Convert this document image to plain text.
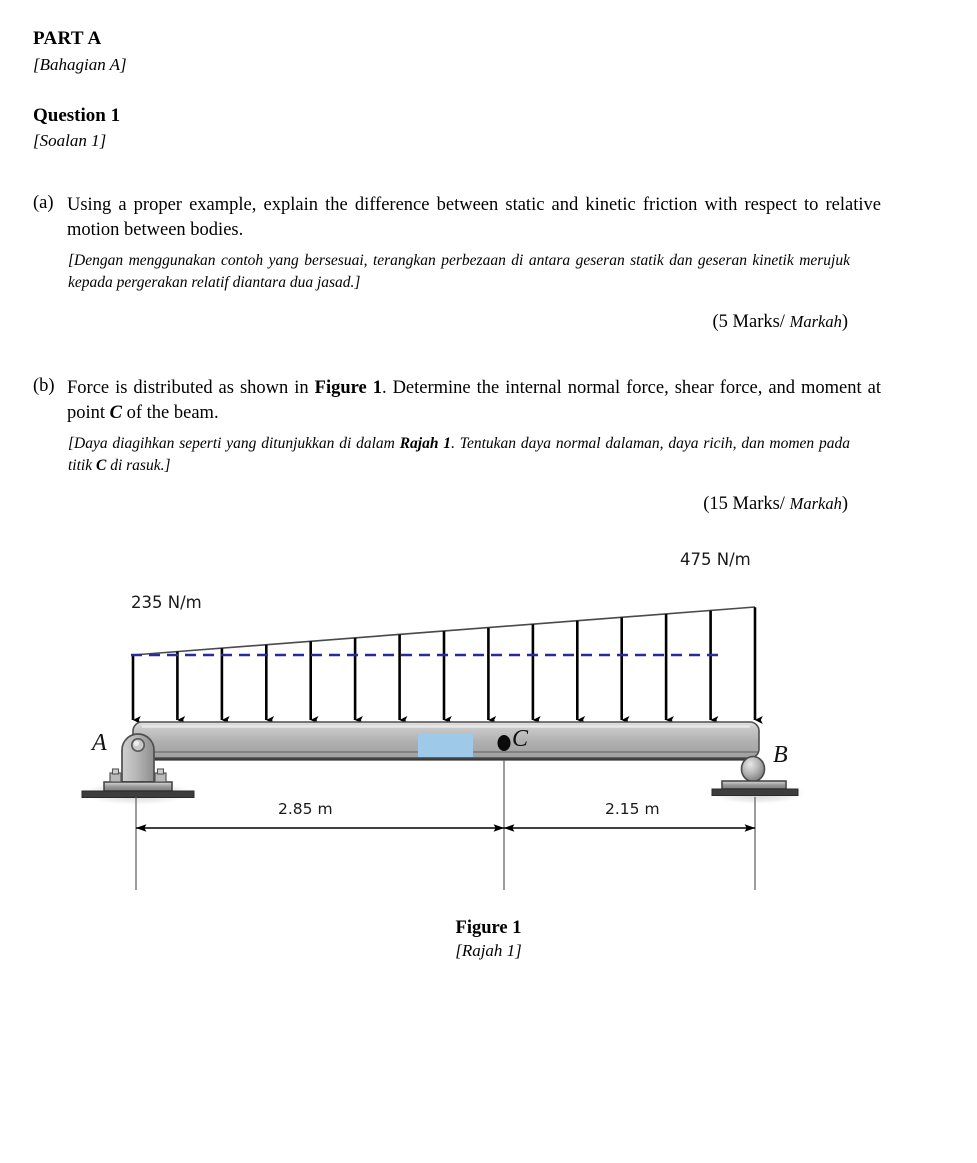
PART A
[Bahagian A]
Question 1
[Soalan 1]
(a) Using a proper example, explain the difference between static and kinetic friction with respect to relative motion between bodies.
[Dengan menggunakan contoh yang bersesuai, terangkan perbezaan di antara geseran statik dan geseran kinetik merujuk kepada pergerakan relatif diantara dua jasad.]
(5 Marks/ Markah)
(b) Force is distributed as shown in Figure 1. Determine the internal normal force, shear force, and moment at point C of the beam.
[Daya diagihkan seperti yang ditunjukkan di dalam Rajah 1. Tentukan daya normal dalaman, daya ricih, dan momen pada titik C di rasuk.]
(15 Marks/ Markah)
235 N/m
475 N/m
A	B
C
2.85 m	2.15 m
Figure 1
[Rajah 1]
